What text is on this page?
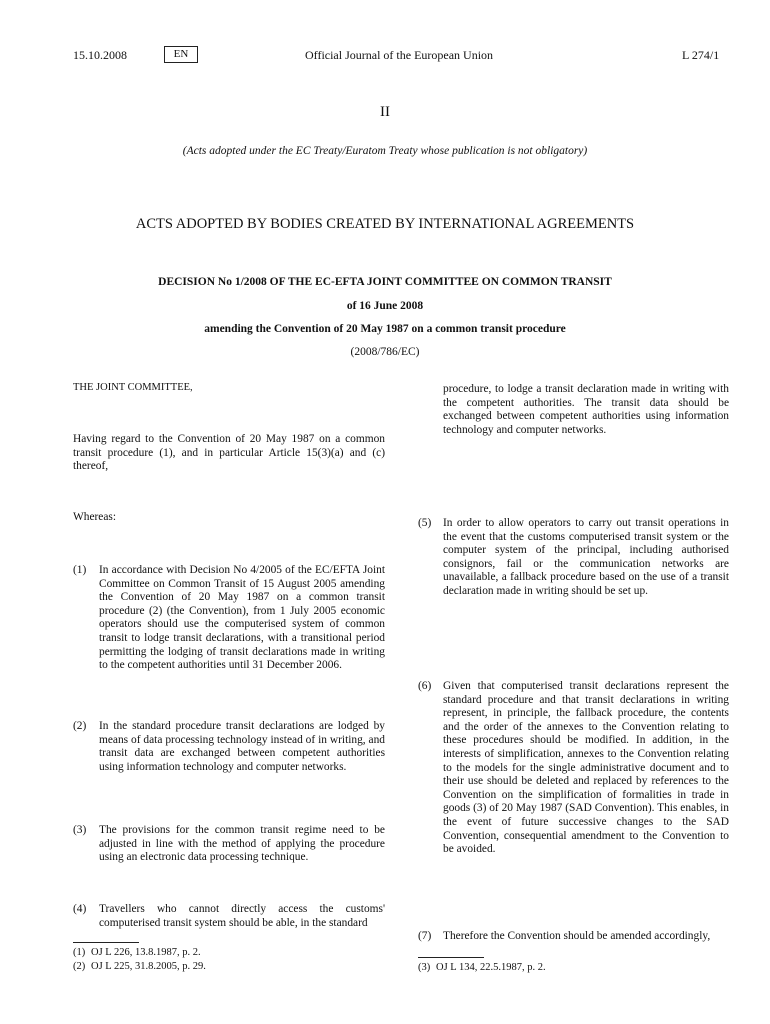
15.10.2008	EN	Official Journal of the European Union	L 274/1
II
(Acts adopted under the EC Treaty/Euratom Treaty whose publication is not obligatory)
ACTS ADOPTED BY BODIES CREATED BY INTERNATIONAL AGREEMENTS
DECISION No 1/2008 OF THE EC-EFTA JOINT COMMITTEE ON COMMON TRANSIT
of 16 June 2008
amending the Convention of 20 May 1987 on a common transit procedure
(2008/786/EC)
THE JOINT COMMITTEE,
Having regard to the Convention of 20 May 1987 on a common transit procedure (1), and in particular Article 15(3)(a) and (c) thereof,
Whereas:
(1) In accordance with Decision No 4/2005 of the EC/EFTA Joint Committee on Common Transit of 15 August 2005 amending the Convention of 20 May 1987 on a common transit procedure (2) (the Convention), from 1 July 2005 economic operators should use the computerised system of common transit to lodge transit declarations, with a transitional period permitting the lodging of transit declarations made in writing to the competent authorities until 31 December 2006.
(2) In the standard procedure transit declarations are lodged by means of data processing technology instead of in writing, and transit data are exchanged between competent authorities using information technology and computer networks.
(3) The provisions for the common transit regime need to be adjusted in line with the method of applying the procedure using an electronic data processing technique.
(4) Travellers who cannot directly access the customs' computerised transit system should be able, in the standard
(1) OJ L 226, 13.8.1987, p. 2.
(2) OJ L 225, 31.8.2005, p. 29.
procedure, to lodge a transit declaration made in writing with the competent authorities. The transit data should be exchanged between competent authorities using information technology and computer networks.
(5) In order to allow operators to carry out transit operations in the event that the customs computerised transit system or the computer system of the principal, including authorised consignors, fail or the communication networks are unavailable, a fallback procedure based on the use of a transit declaration made in writing should be set up.
(6) Given that computerised transit declarations represent the standard procedure and that transit declarations in writing represent, in principle, the fallback procedure, the contents and the order of the annexes to the Convention relating to these procedures should be modified. In addition, in the interests of simplification, annexes to the Convention relating to the models for the single administrative document and to their use should be deleted and replaced by references to the Convention on the simplification of formalities in trade in goods (3) of 20 May 1987 (SAD Convention). This enables, in the event of future successive changes to the SAD Convention, consequential amendment to the Convention to be avoided.
(7) Therefore the Convention should be amended accordingly,
(3) OJ L 134, 22.5.1987, p. 2.
